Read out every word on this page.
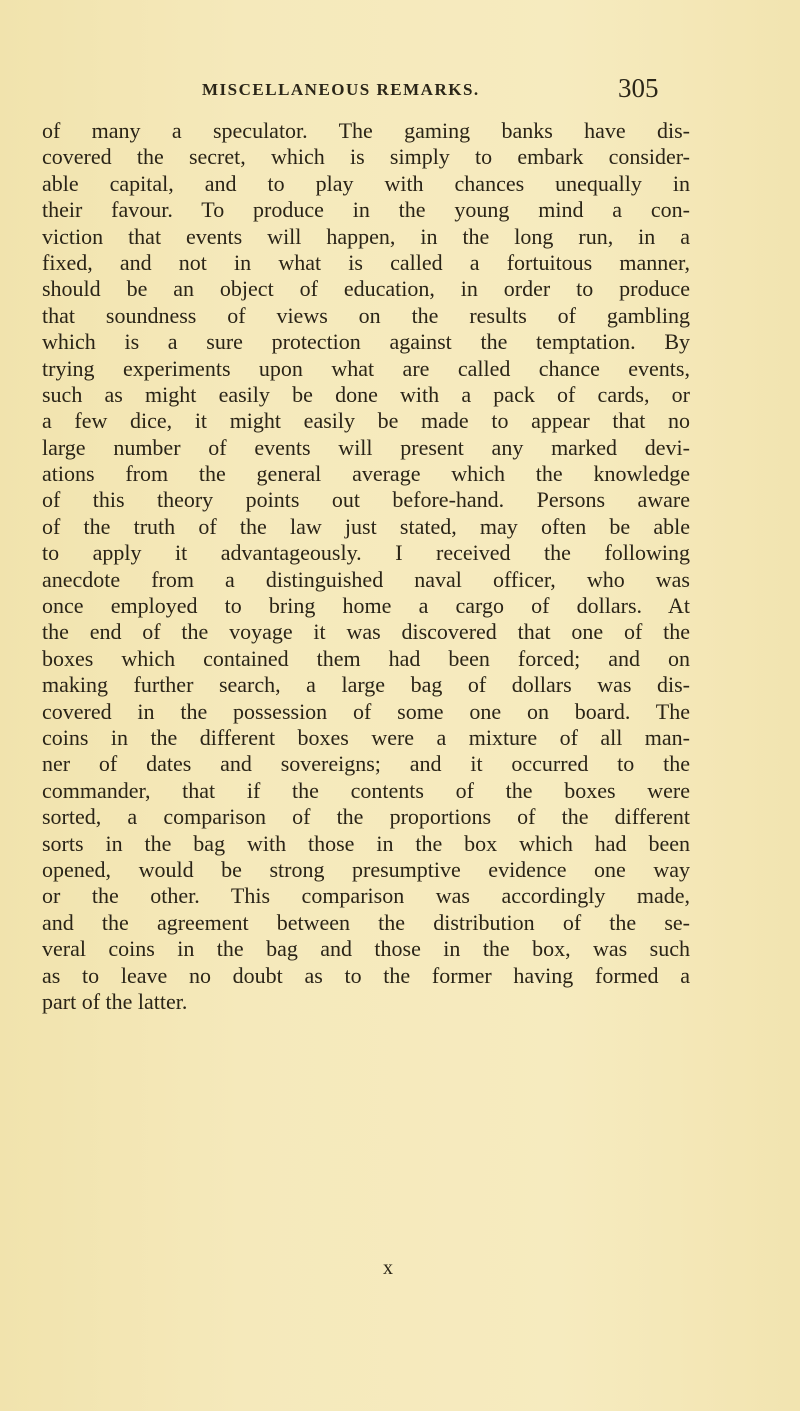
MISCELLANEOUS REMARKS.	305
of many a speculator. The gaming banks have dis-
covered the secret, which is simply to embark consider-
able capital, and to play with chances unequally in
their favour. To produce in the young mind a con-
viction that events will happen, in the long run, in a
fixed, and not in what is called a fortuitous manner,
should be an object of education, in order to produce
that soundness of views on the results of gambling
which is a sure protection against the temptation. By
trying experiments upon what are called chance events,
such as might easily be done with a pack of cards, or
a few dice, it might easily be made to appear that no
large number of events will present any marked devi-
ations from the general average which the knowledge
of this theory points out before-hand. Persons aware
of the truth of the law just stated, may often be able
to apply it advantageously. I received the following
anecdote from a distinguished naval officer, who was
once employed to bring home a cargo of dollars. At
the end of the voyage it was discovered that one of the
boxes which contained them had been forced; and on
making further search, a large bag of dollars was dis-
covered in the possession of some one on board. The
coins in the different boxes were a mixture of all man-
ner of dates and sovereigns; and it occurred to the
commander, that if the contents of the boxes were
sorted, a comparison of the proportions of the different
sorts in the bag with those in the box which had been
opened, would be strong presumptive evidence one way
or the other. This comparison was accordingly made,
and the agreement between the distribution of the se-
veral coins in the bag and those in the box, was such
as to leave no doubt as to the former having formed a
part of the latter.
x
